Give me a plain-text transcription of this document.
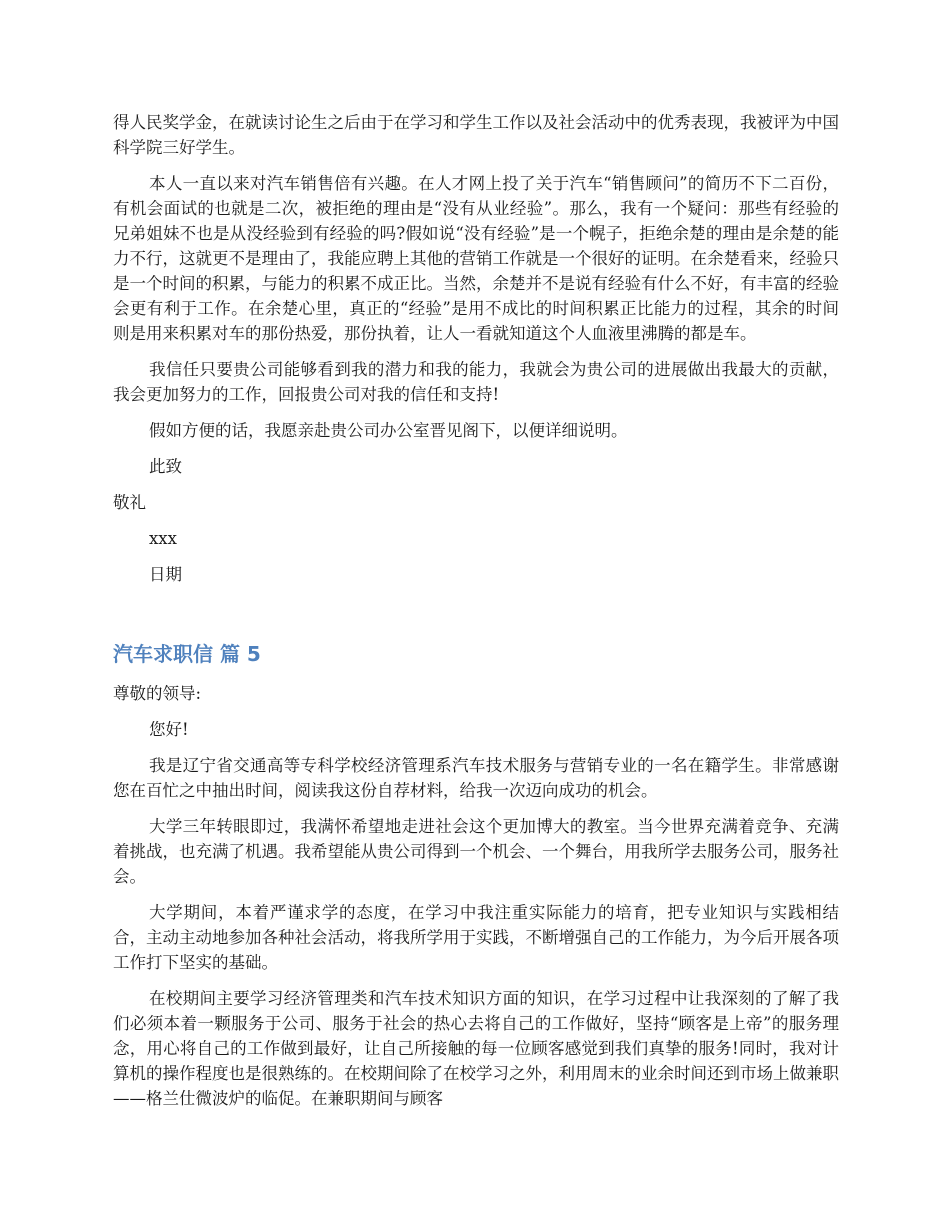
得人民奖学金，在就读讨论生之后由于在学习和学生工作以及社会活动中的优秀表现，我被评为中国科学院三好学生。

本人一直以来对汽车销售倍有兴趣。在人才网上投了关于汽车“销售顾问”的简历不下二百份，有机会面试的也就是二次，被拒绝的理由是“没有从业经验”。那么，我有一个疑问：那些有经验的兄弟姐妹不也是从没经验到有经验的吗?假如说“没有经验”是一个幌子，拒绝余楚的理由是余楚的能力不行，这就更不是理由了，我能应聘上其他的营销工作就是一个很好的证明。在余楚看来，经验只是一个时间的积累，与能力的积累不成正比。当然，余楚并不是说有经验有什么不好，有丰富的经验会更有利于工作。在余楚心里，真正的“经验”是用不成比的时间积累正比能力的过程，其余的时间则是用来积累对车的那份热爱，那份执着，让人一看就知道这个人血液里沸腾的都是车。

我信任只要贵公司能够看到我的潜力和我的能力，我就会为贵公司的进展做出我最大的贡献，我会更加努力的工作，回报贵公司对我的信任和支持!

假如方便的话，我愿亲赴贵公司办公室晋见阁下，以便详细说明。

此致
敬礼
xxx
日期
汽车求职信 篇 5
尊敬的领导:
您好!

我是辽宁省交通高等专科学校经济管理系汽车技术服务与营销专业的一名在籍学生。非常感谢您在百忙之中抽出时间，阅读我这份自荐材料，给我一次迈向成功的机会。

大学三年转眼即过，我满怀希望地走进社会这个更加博大的教室。当今世界充满着竞争、充满着挑战，也充满了机遇。我希望能从贵公司得到一个机会、一个舞台，用我所学去服务公司，服务社会。

大学期间，本着严谨求学的态度，在学习中我注重实际能力的培育，把专业知识与实践相结合，主动主动地参加各种社会活动，将我所学用于实践，不断增强自己的工作能力，为今后开展各项工作打下坚实的基础。

在校期间主要学习经济管理类和汽车技术知识方面的知识，在学习过程中让我深刻的了解了我们必须本着一颗服务于公司、服务于社会的热心去将自己的工作做好，坚持“顾客是上帝”的服务理念，用心将自己的工作做到最好，让自己所接触的每一位顾客感觉到我们真挚的服务!同时，我对计算机的操作程度也是很熟练的。在校期间除了在校学习之外，利用周末的业余时间还到市场上做兼职——格兰仕微波炉的临促。在兼职期间与顾客
